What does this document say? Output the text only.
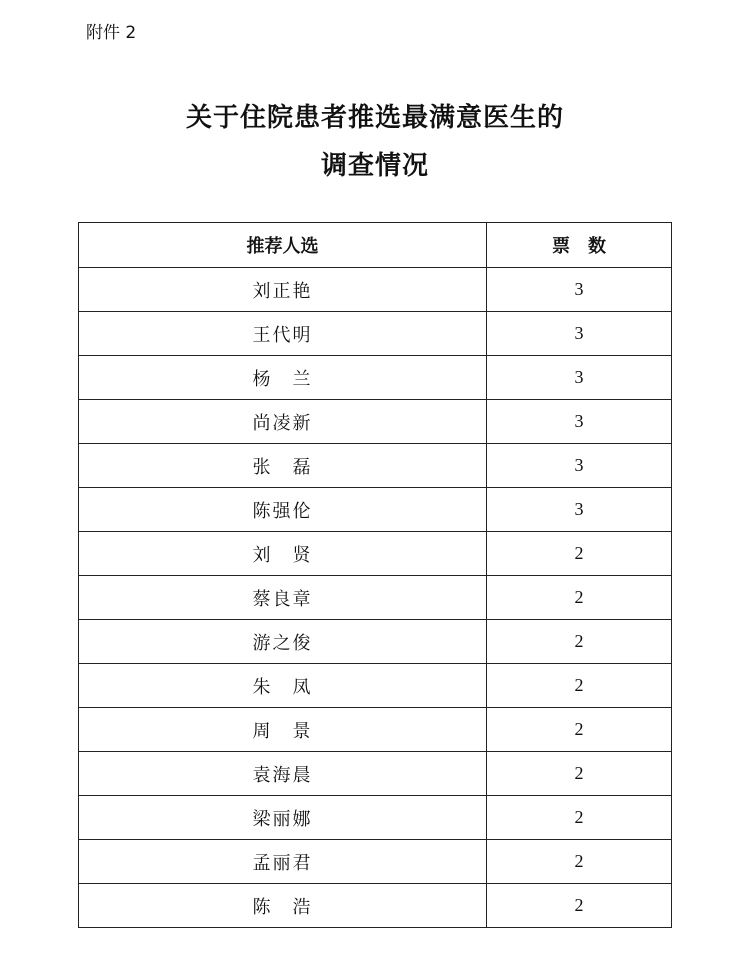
附件 2
关于住院患者推选最满意医生的
调查情况
推荐人选	票　数
刘正艳	3
王代明	3
杨　兰	3
尚凌新	3
张　磊	3
陈强伦	3
刘　贤	2
蔡良章	2
游之俊	2
朱　凤	2
周　景	2
袁海晨	2
梁丽娜	2
孟丽君	2
陈　浩	2
